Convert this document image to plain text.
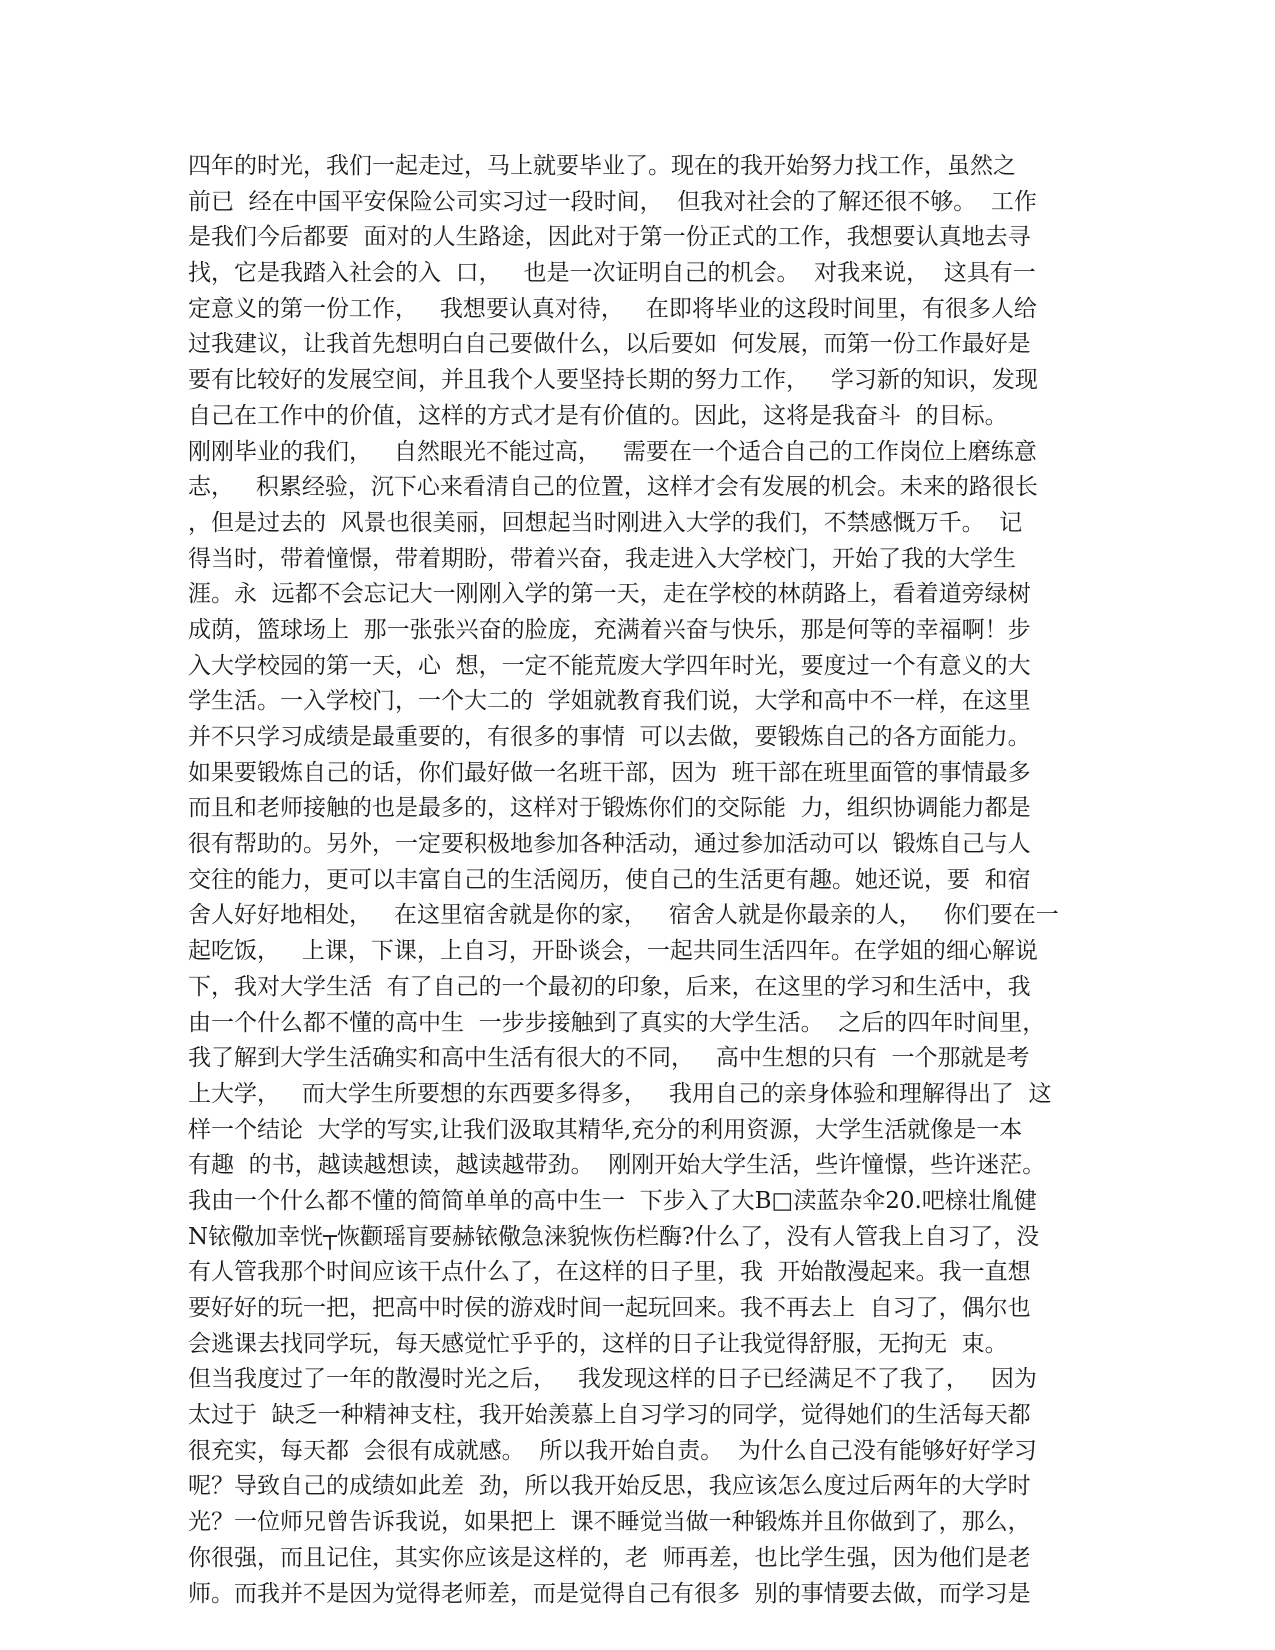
四年的时光，我们一起走过，马上就要毕业了。现在的我开始努力找工作，虽然之
前已  经在中国平安保险公司实习过一段时间，  但我对社会的了解还很不够。  工作
是我们今后都要  面对的人生路途，因此对于第一份正式的工作，我想要认真地去寻
找，它是我踏入社会的入  口，   也是一次证明自己的机会。  对我来说，  这具有一
定意义的第一份工作，   我想要认真对待，   在即将毕业的这段时间里，有很多人给
过我建议，让我首先想明白自己要做什么，以后要如  何发展，而第一份工作最好是
要有比较好的发展空间，并且我个人要坚持长期的努力工作，   学习新的知识，发现
自己在工作中的价值，这样的方式才是有价值的。因此，这将是我奋斗  的目标。
刚刚毕业的我们，   自然眼光不能过高，   需要在一个适合自己的工作岗位上磨练意
志，   积累经验，沉下心来看清自己的位置，这样才会有发展的机会。未来的路很长
，但是过去的  风景也很美丽，回想起当时刚进入大学的我们，不禁感慨万千。  记
得当时，带着憧憬，带着期盼，带着兴奋，我走进入大学校门，开始了我的大学生
涯。永  远都不会忘记大一刚刚入学的第一天，走在学校的林荫路上，看着道旁绿树
成荫，篮球场上  那一张张兴奋的脸庞，充满着兴奋与快乐，那是何等的幸福啊！步
入大学校园的第一天，心  想，一定不能荒废大学四年时光，要度过一个有意义的大
学生活。一入学校门，一个大二的  学姐就教育我们说，大学和高中不一样，在这里
并不只学习成绩是最重要的，有很多的事情  可以去做，要锻炼自己的各方面能力。
如果要锻炼自己的话，你们最好做一名班干部，因为  班干部在班里面管的事情最多
而且和老师接触的也是最多的，这样对于锻炼你们的交际能  力，组织协调能力都是
很有帮助的。另外，一定要积极地参加各种活动，通过参加活动可以  锻炼自己与人
交往的能力，更可以丰富自己的生活阅历，使自己的生活更有趣。她还说，要  和宿
舍人好好地相处，   在这里宿舍就是你的家，   宿舍人就是你最亲的人，   你们要在一
起吃饭，   上课，下课，上自习，开卧谈会，一起共同生活四年。在学姐的细心解说
下，我对大学生活  有了自己的一个最初的印象，后来，在这里的学习和生活中，我
由一个什么都不懂的高中生  一步步接触到了真实的大学生活。  之后的四年时间里，
我了解到大学生活确实和高中生活有很大的不同，   高中生想的只有  一个那就是考
上大学，   而大学生所要想的东西要多得多，   我用自己的亲身体验和理解得出了  这
样一个结论  大学的写实,让我们汲取其精华,充分的利用资源，大学生活就像是一本
有趣  的书，越读越想读，越读越带劲。  刚刚开始大学生活，些许憧憬，些许迷茫。
我由一个什么都不懂的简简单单的高中生一  下步入了大B□渎蓝杂伞20.吧榇壮胤健
Ν铱儆加幸恍┬恢颧瑶肓要赫铱儆急涞貌恢伤栏酶?什么了，没有人管我上自习了，没
有人管我那个时间应该干点什么了，在这样的日子里，我  开始散漫起来。我一直想
要好好的玩一把，把高中时侯的游戏时间一起玩回来。我不再去上  自习了，偶尔也
会逃课去找同学玩，每天感觉忙乎乎的，这样的日子让我觉得舒服，无拘无  束。
但当我度过了一年的散漫时光之后，   我发现这样的日子已经满足不了我了，   因为
太过于  缺乏一种精神支柱，我开始羡慕上自习学习的同学，觉得她们的生活每天都
很充实，每天都  会很有成就感。  所以我开始自责。  为什么自己没有能够好好学习
呢？导致自己的成绩如此差  劲，所以我开始反思，我应该怎么度过后两年的大学时
光？一位师兄曾告诉我说，如果把上  课不睡觉当做一种锻炼并且你做到了，那么，
你很强，而且记住，其实你应该是这样的，老  师再差，也比学生强，因为他们是老
师。而我并不是因为觉得老师差，而是觉得自己有很多  别的事情要去做，而学习是
